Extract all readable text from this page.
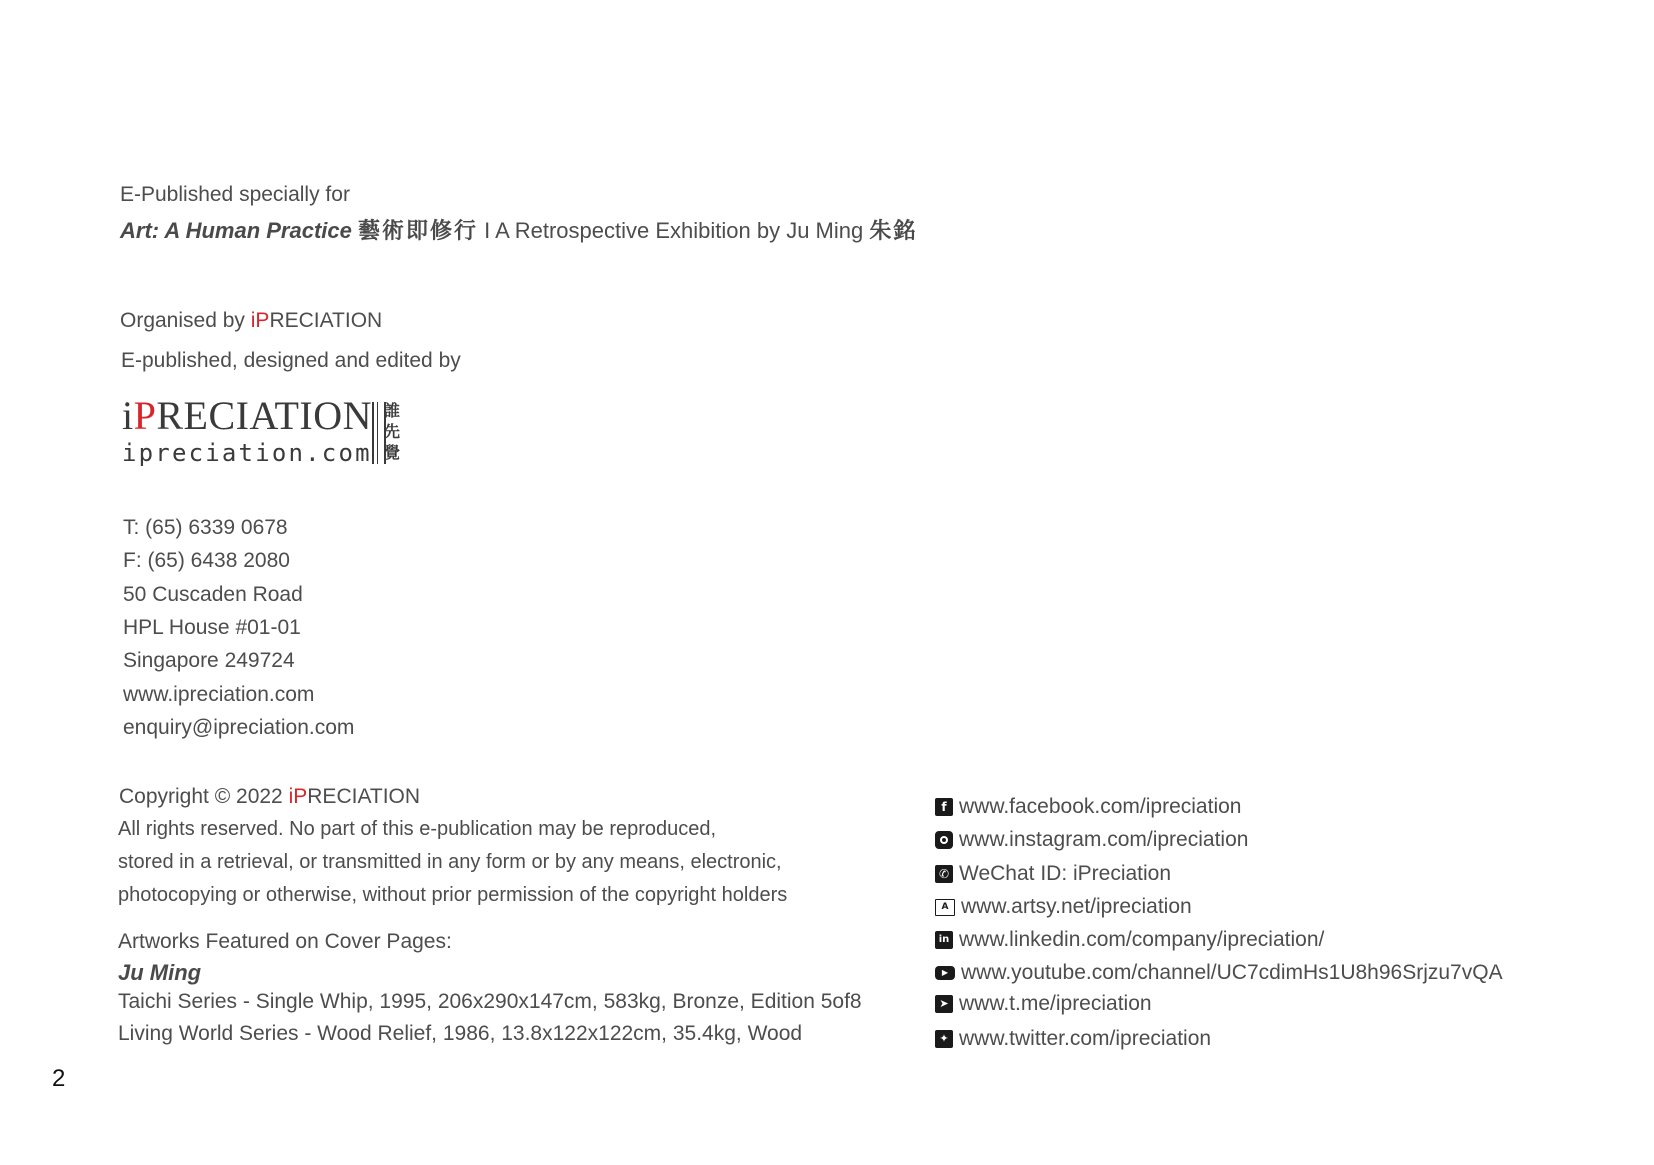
E-Published specially for
Art: A Human Practice 藝術即修行 I A Retrospective Exhibition by Ju Ming 朱銘
Organised by iPRECIATION
E-published, designed and edited by
iPRECIATION
ipreciation.com
誰先覺
T: (65) 6339 0678
F: (65) 6438 2080
50 Cuscaden Road
HPL House #01-01
Singapore 249724
www.ipreciation.com
enquiry@ipreciation.com
Copyright © 2022 iPRECIATION
All rights reserved. No part of this e-publication may be reproduced,
stored in a retrieval, or transmitted in any form or by any means, electronic,
photocopying or otherwise, without prior permission of the copyright holders
Artworks Featured on Cover Pages:
Ju Ming
Taichi Series - Single Whip, 1995, 206x290x147cm, 583kg, Bronze, Edition 5of8
Living World Series - Wood Relief, 1986, 13.8x122x122cm, 35.4kg, Wood
f www.facebook.com/ipreciation
www.instagram.com/ipreciation
✆ WeChat ID: iPreciation
A www.artsy.net/ipreciation
in www.linkedin.com/company/ipreciation/
▶ www.youtube.com/channel/UC7cdimHs1U8h96Srjzu7vQA
➤ www.t.me/ipreciation
✦ www.twitter.com/ipreciation
2
